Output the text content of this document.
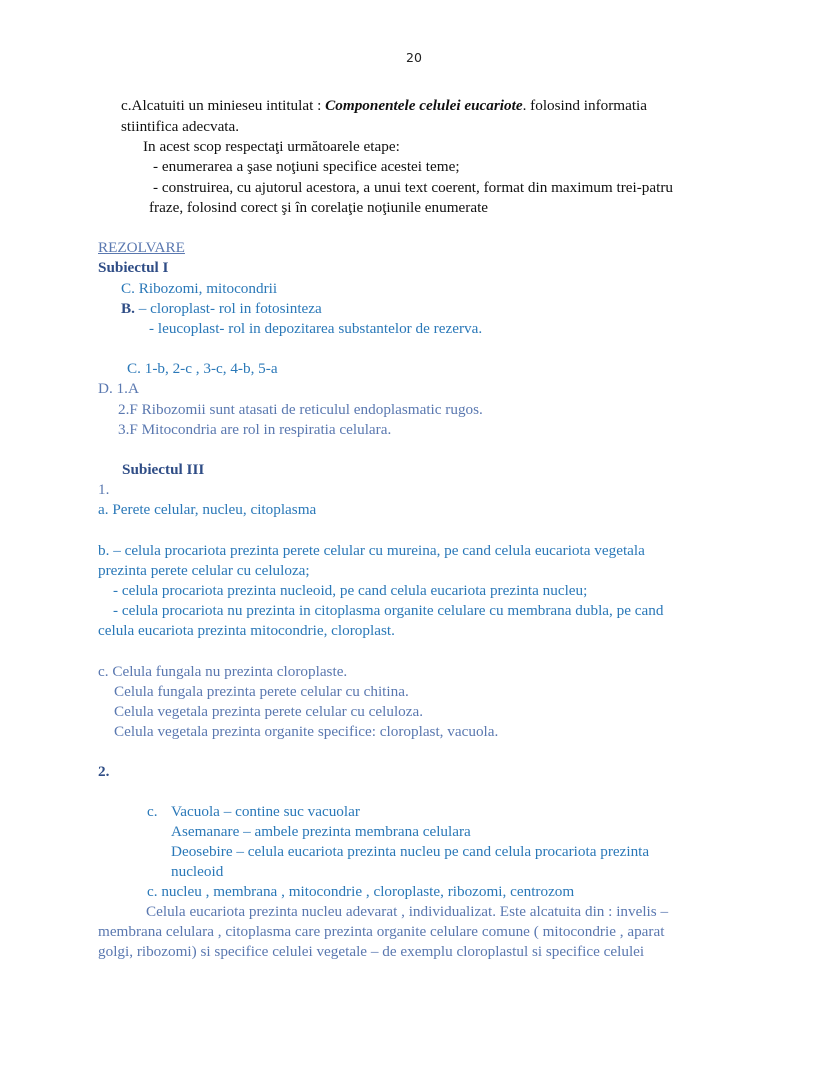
20
c.Alcatuiti un minieseu intitulat : Componentele celulei eucariote. folosind informatia
stiintifica adecvata.
In acest scop respectaţi următoarele etape:
- enumerarea a şase noţiuni specifice acestei teme;
- construirea, cu ajutorul acestora, a unui text coerent, format din maximum trei-patru
fraze, folosind corect şi în corelaţie noţiunile enumerate
REZOLVARE
Subiectul I
C. Ribozomi, mitocondrii
B. – cloroplast- rol in fotosinteza
- leucoplast- rol in depozitarea substantelor de rezerva.
C. 1-b, 2-c , 3-c, 4-b, 5-a
D. 1.A
2.F Ribozomii sunt atasati de reticulul endoplasmatic rugos.
3.F Mitocondria are rol in respiratia celulara.
Subiectul III
1.
a. Perete celular, nucleu, citoplasma
b. – celula procariota prezinta perete celular cu mureina, pe cand celula eucariota vegetala
prezinta perete celular cu celuloza;
- celula procariota prezinta nucleoid, pe cand celula eucariota prezinta nucleu;
- celula procariota nu prezinta in citoplasma organite celulare cu membrana dubla, pe cand
celula eucariota prezinta mitocondrie, cloroplast.
c. Celula fungala nu prezinta cloroplaste.
Celula fungala prezinta perete celular cu chitina.
Celula vegetala prezinta perete celular cu celuloza.
Celula vegetala prezinta organite specifice: cloroplast, vacuola.
2.
c. Vacuola – contine suc vacuolar
Asemanare – ambele prezinta membrana celulara
Deosebire – celula eucariota prezinta nucleu pe cand celula procariota prezinta
nucleoid
c. nucleu , membrana , mitocondrie , cloroplaste, ribozomi, centrozom
Celula eucariota prezinta nucleu adevarat , individualizat. Este alcatuita din : invelis –
membrana celulara , citoplasma care prezinta organite celulare comune ( mitocondrie , aparat
golgi, ribozomi) si specifice celulei vegetale – de exemplu cloroplastul si specifice celulei
